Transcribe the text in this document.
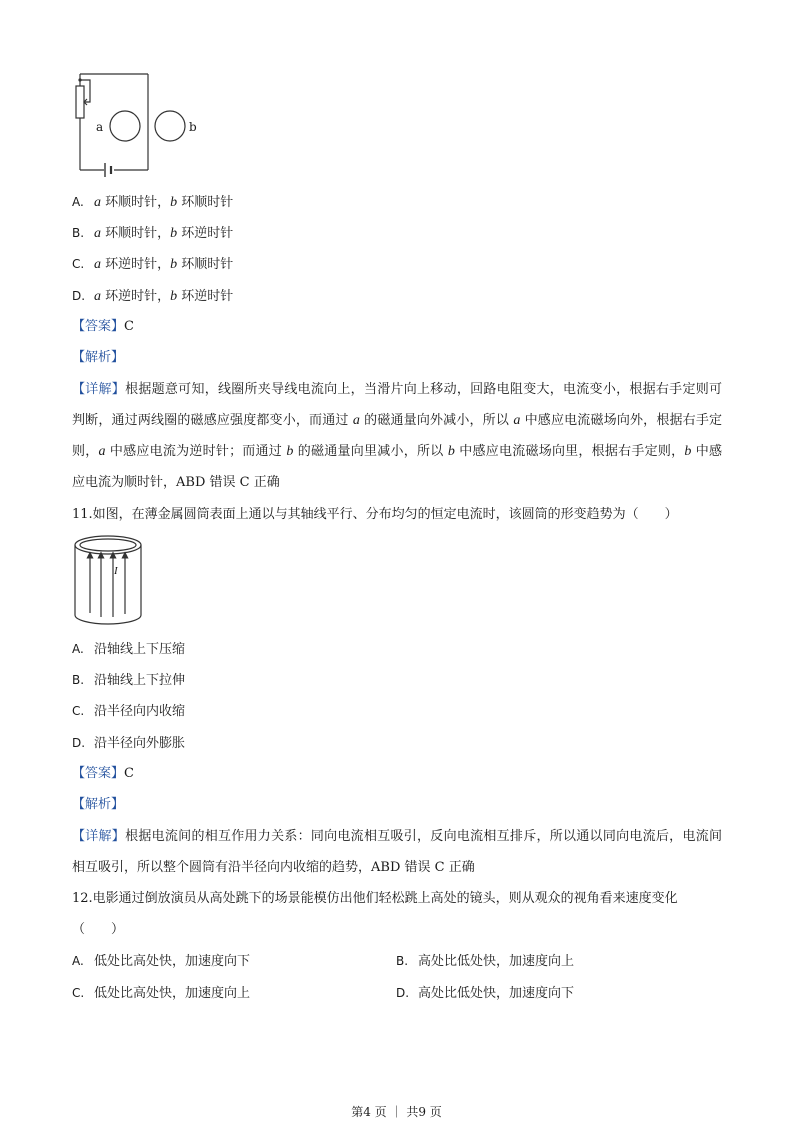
a	b
A. a 环顺时针，b 环顺时针
B. a 环顺时针，b 环逆时针
C. a 环逆时针，b 环顺时针
D. a 环逆时针，b 环逆时针
【答案】C
【解析】
【详解】根据题意可知，线圈所夹导线电流向上，当滑片向上移动，回路电阻变大，电流变小，根据右手定则可判断，通过两线圈的磁感应强度都变小，而通过 a 的磁通量向外减小，所以 a 中感应电流磁场向外，根据右手定则，a 中感应电流为逆时针；而通过 b 的磁通量向里减小，所以 b 中感应电流磁场向里，根据右手定则，b 中感应电流为顺时针，ABD 错误 C 正确
11.如图，在薄金属圆筒表面上通以与其轴线平行、分布均匀的恒定电流时，该圆筒的形变趋势为（　　）
I
A. 沿轴线上下压缩
B. 沿轴线上下拉伸
C. 沿半径向内收缩
D. 沿半径向外膨胀
【答案】C
【解析】
【详解】根据电流间的相互作用力关系：同向电流相互吸引，反向电流相互排斥，所以通以同向电流后，电流间相互吸引，所以整个圆筒有沿半径向内收缩的趋势，ABD 错误 C 正确
12.电影通过倒放演员从高处跳下的场景能模仿出他们轻松跳上高处的镜头，则从观众的视角看来速度变化
（　　）
A. 低处比高处快，加速度向下	B. 高处比低处快，加速度向上
C. 低处比高处快，加速度向上	D. 高处比低处快，加速度向下
第4 页 ｜ 共9 页
